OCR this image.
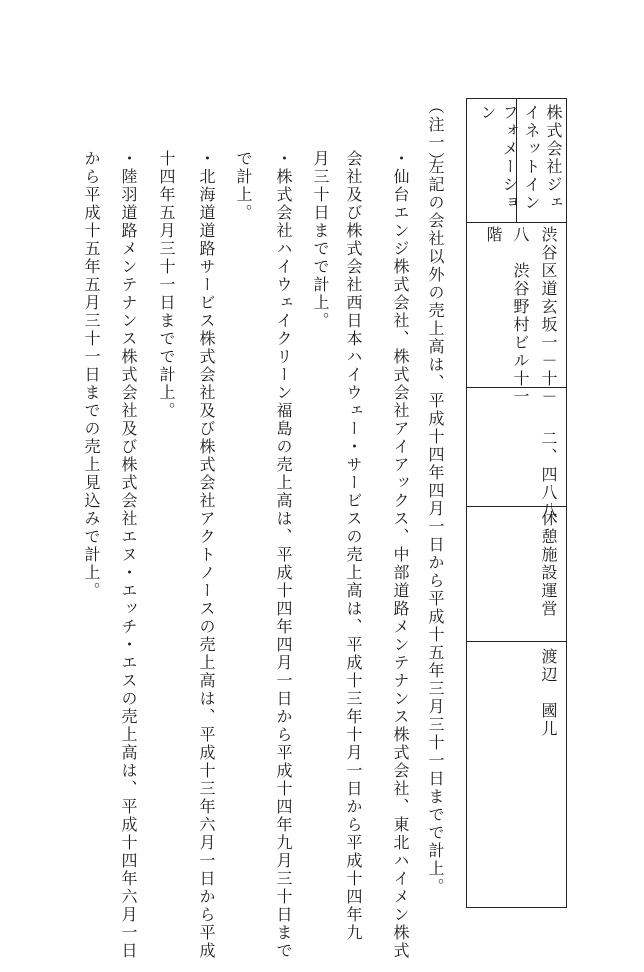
株式会社ジェ
イネットイン
フォメーショ
ン
渋谷区道玄坂一－十－
八　渋谷野村ビル十一
階
二、四八八
休憩施設運営
渡辺　國儿
（注一）
左記の会社以外の売上高は、平成十四年四月一日から平成十五年三月三十一日までで計上。
・仙台エンジ株式会社、株式会社アイアックス、中部道路メンテナンス株式会社、東北ハイメン株式
会社及び株式会社西日本ハイウェー・サービスの売上高は、平成十三年十月一日から平成十四年九
月三十日までで計上。
・株式会社ハイウェイクリーン福島の売上高は、平成十四年四月一日から平成十四年九月三十日まで
で計上。
・北海道道路サービス株式会社及び株式会社アクトノースの売上高は、平成十三年六月一日から平成
十四年五月三十一日までで計上。
・陸羽道路メンテナンス株式会社及び株式会社エヌ・エッチ・エスの売上高は、平成十四年六月一日
から平成十五年五月三十一日までの売上見込みで計上。
